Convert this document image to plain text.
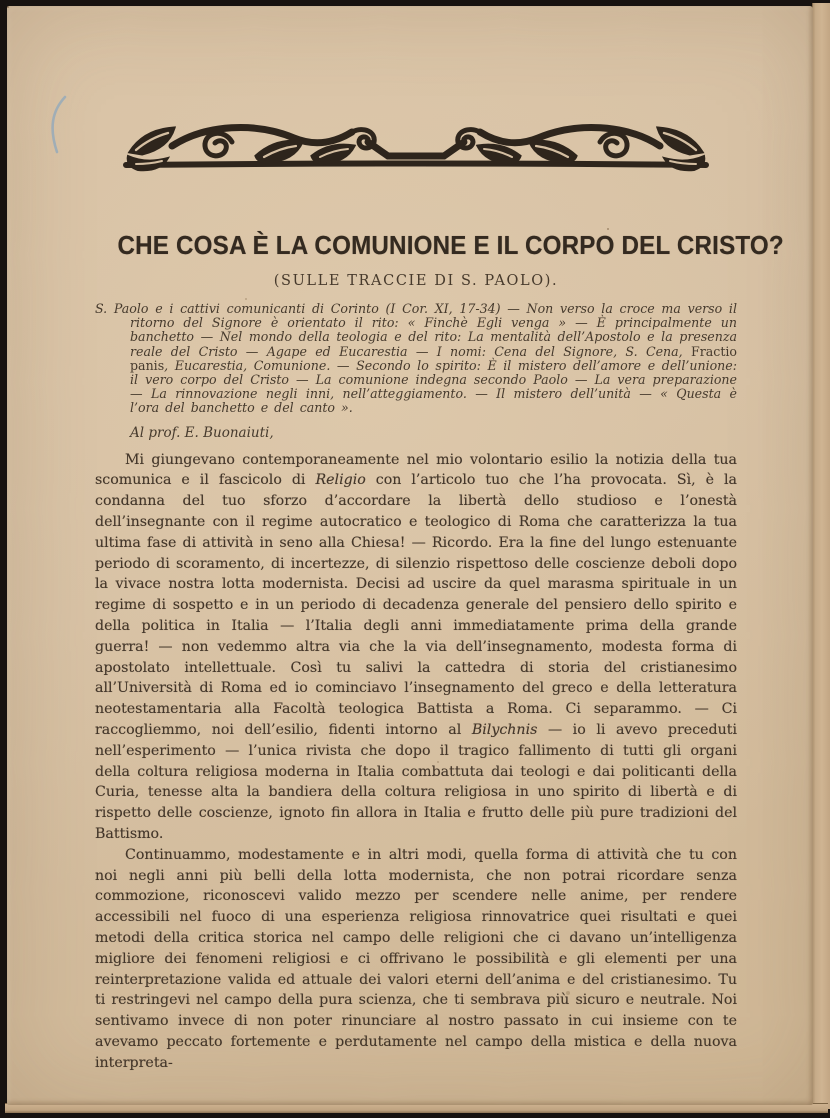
CHE COSA È LA COMUNIONE E IL CORPO DEL CRISTO?
(SULLE TRACCIE DI S. PAOLO).
S. Paolo e i cattivi comunicanti di Corinto (I Cor. XI, 17-34) — Non verso la croce ma verso il ritorno del Signore è orientato il rito: « Finchè Egli venga » — È principalmente un banchetto — Nel mondo della teologia e del rito: La mentalità dell’Apostolo e la presenza reale del Cristo — Agape ed Eucarestia — I nomi: Cena del Signore, S. Cena, Fractio panis, Eucarestia, Comunione. — Secondo lo spirito: È il mistero dell’amore e dell’unione: il vero corpo del Cristo — La comunione indegna secondo Paolo — La vera preparazione — La rinnovazione negli inni, nell’atteggiamento. — Il mistero dell’unità — « Questa è l’ora del banchetto e del canto ».
Al prof. E. Buonaiuti,

Mi giungevano contemporaneamente nel mio volontario esilio la notizia della tua scomunica e il fascicolo di Religio con l’articolo tuo che l’ha provocata. Sì, è la condanna del tuo sforzo d’accordare la libertà dello studioso e l’onestà dell’insegnante con il regime autocratico e teologico di Roma che caratterizza la tua ultima fase di attività in seno alla Chiesa! — Ricordo. Era la fine del lungo estenuante periodo di scoramento, di incertezze, di silenzio rispettoso delle coscienze deboli dopo la vivace nostra lotta modernista. Decisi ad uscire da quel marasma spirituale in un regime di sospetto e in un periodo di decadenza generale del pensiero dello spirito e della politica in Italia — l’Italia degli anni immediatamente prima della grande guerra! — non vedemmo altra via che la via dell’insegnamento, modesta forma di apostolato intellettuale. Così tu salivi la cattedra di storia del cristianesimo all’Università di Roma ed io cominciavo l’insegnamento del greco e della letteratura neotestamentaria alla Facoltà teologica Battista a Roma. Ci separammo. — Ci raccogliemmo, noi dell’esilio, fidenti intorno al Bilychnis — io li avevo preceduti nell’esperimento — l’unica rivista che dopo il tragico fallimento di tutti gli organi della coltura religiosa moderna in Italia combattuta dai teologi e dai politicanti della Curia, tenesse alta la bandiera della coltura religiosa in uno spirito di libertà e di rispetto delle coscienze, ignoto fin allora in Italia e frutto delle più pure tradizioni del Battismo.

Continuammo, modestamente e in altri modi, quella forma di attività che tu con noi negli anni più belli della lotta modernista, che non potrai ricordare senza commozione, riconoscevi valido mezzo per scendere nelle anime, per rendere accessibili nel fuoco di una esperienza religiosa rinnovatrice quei risultati e quei metodi della critica storica nel campo delle religioni che ci davano un’intelligenza migliore dei fenomeni religiosi e ci offrivano le possibilità e gli elementi per una reinterpretazione valida ed attuale dei valori eterni dell’anima e del cristianesimo. Tu ti restringevi nel campo della pura scienza, che ti sembrava più sicuro e neutrale. Noi sentivamo invece di non poter rinunciare al nostro passato in cui insieme con te avevamo peccato fortemente e perdutamente nel campo della mistica e della nuova interpreta-
